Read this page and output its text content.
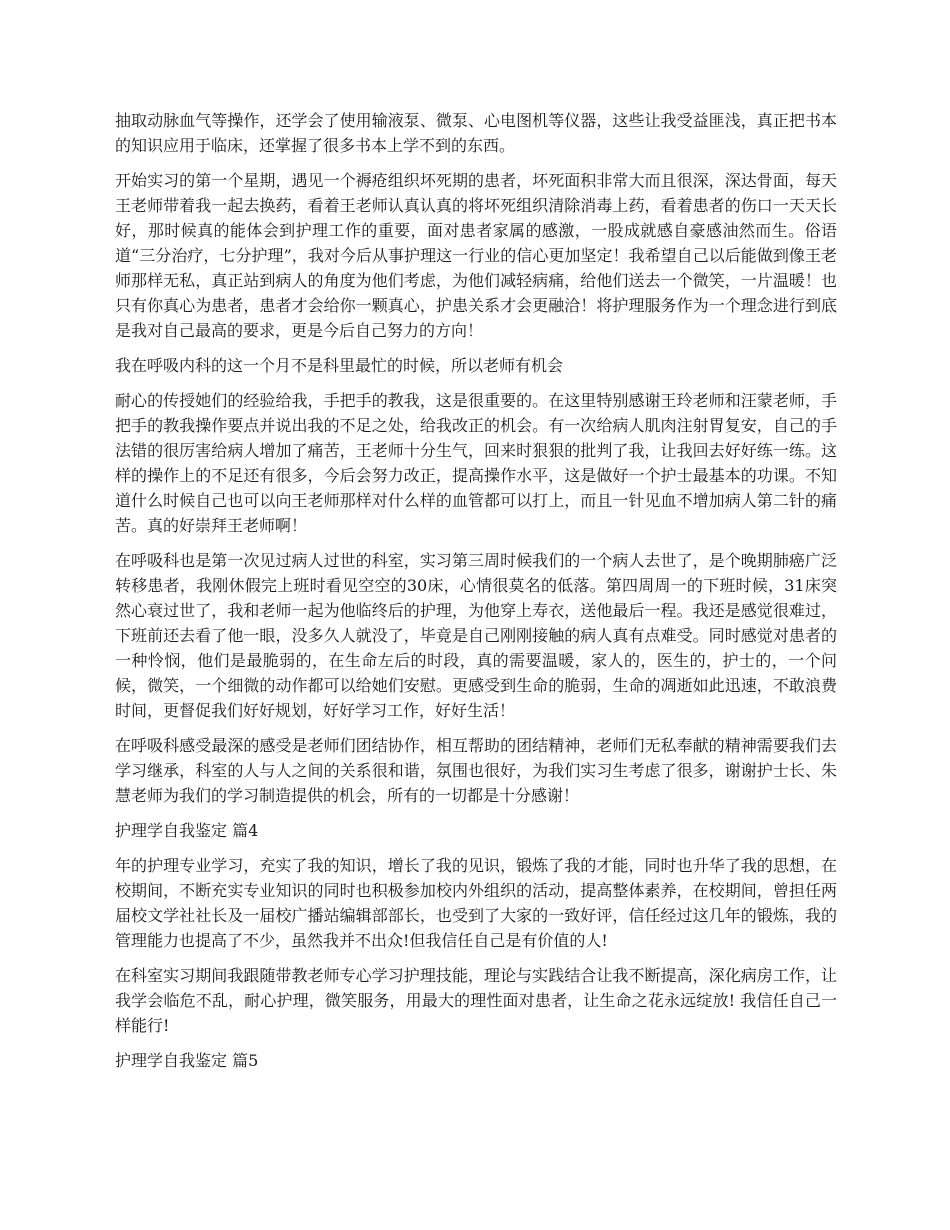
抽取动脉血气等操作，还学会了使用输液泵、微泵、心电图机等仪器，这些让我受益匪浅，真正把书本的知识应用于临床，还掌握了很多书本上学不到的东西。

开始实习的第一个星期，遇见一个褥疮组织坏死期的患者，坏死面积非常大而且很深，深达骨面，每天王老师带着我一起去换药，看着王老师认真认真的将坏死组织清除消毒上药，看着患者的伤口一天天长好，那时候真的能体会到护理工作的重要，面对患者家属的感激，一股成就感自豪感油然而生。俗语道“三分治疗，七分护理”，我对今后从事护理这一行业的信心更加坚定！我希望自己以后能做到像王老师那样无私，真正站到病人的角度为他们考虑，为他们减轻病痛，给他们送去一个微笑，一片温暖！也只有你真心为患者，患者才会给你一颗真心，护患关系才会更融洽！将护理服务作为一个理念进行到底是我对自己最高的要求，更是今后自己努力的方向！

我在呼吸内科的这一个月不是科里最忙的时候，所以老师有机会

耐心的传授她们的经验给我，手把手的教我，这是很重要的。在这里特别感谢王玲老师和汪蒙老师，手把手的教我操作要点并说出我的不足之处，给我改正的机会。有一次给病人肌肉注射胃复安，自己的手法错的很厉害给病人增加了痛苦，王老师十分生气，回来时狠狠的批判了我，让我回去好好练一练。这样的操作上的不足还有很多，今后会努力改正，提高操作水平，这是做好一个护士最基本的功课。不知道什么时候自己也可以向王老师那样对什么样的血管都可以打上，而且一针见血不增加病人第二针的痛苦。真的好崇拜王老师啊！

在呼吸科也是第一次见过病人过世的科室，实习第三周时候我们的一个病人去世了，是个晚期肺癌广泛转移患者，我刚休假完上班时看见空空的30床，心情很莫名的低落。第四周周一的下班时候，31床突然心衰过世了，我和老师一起为他临终后的护理，为他穿上寿衣，送他最后一程。我还是感觉很难过，下班前还去看了他一眼，没多久人就没了，毕竟是自己刚刚接触的病人真有点难受。同时感觉对患者的一种怜悯，他们是最脆弱的，在生命左后的时段，真的需要温暖，家人的，医生的，护士的，一个问候，微笑，一个细微的动作都可以给她们安慰。更感受到生命的脆弱，生命的凋逝如此迅速，不敢浪费时间，更督促我们好好规划，好好学习工作，好好生活！

在呼吸科感受最深的感受是老师们团结协作，相互帮助的团结精神，老师们无私奉献的精神需要我们去学习继承，科室的人与人之间的关系很和谐，氛围也很好，为我们实习生考虑了很多，谢谢护士长、朱慧老师为我们的学习制造提供的机会，所有的一切都是十分感谢！

护理学自我鉴定 篇4

年的护理专业学习，充实了我的知识，增长了我的见识，锻炼了我的才能，同时也升华了我的思想，在校期间，不断充实专业知识的同时也积极参加校内外组织的活动，提高整体素养，在校期间，曾担任两届校文学社社长及一届校广播站编辑部部长，也受到了大家的一致好评，信任经过这几年的锻炼，我的管理能力也提高了不少，虽然我并不出众!但我信任自己是有价值的人!

在科室实习期间我跟随带教老师专心学习护理技能，理论与实践结合让我不断提高，深化病房工作，让我学会临危不乱，耐心护理，微笑服务，用最大的理性面对患者，让生命之花永远绽放! 我信任自己一样能行!

护理学自我鉴定 篇5
